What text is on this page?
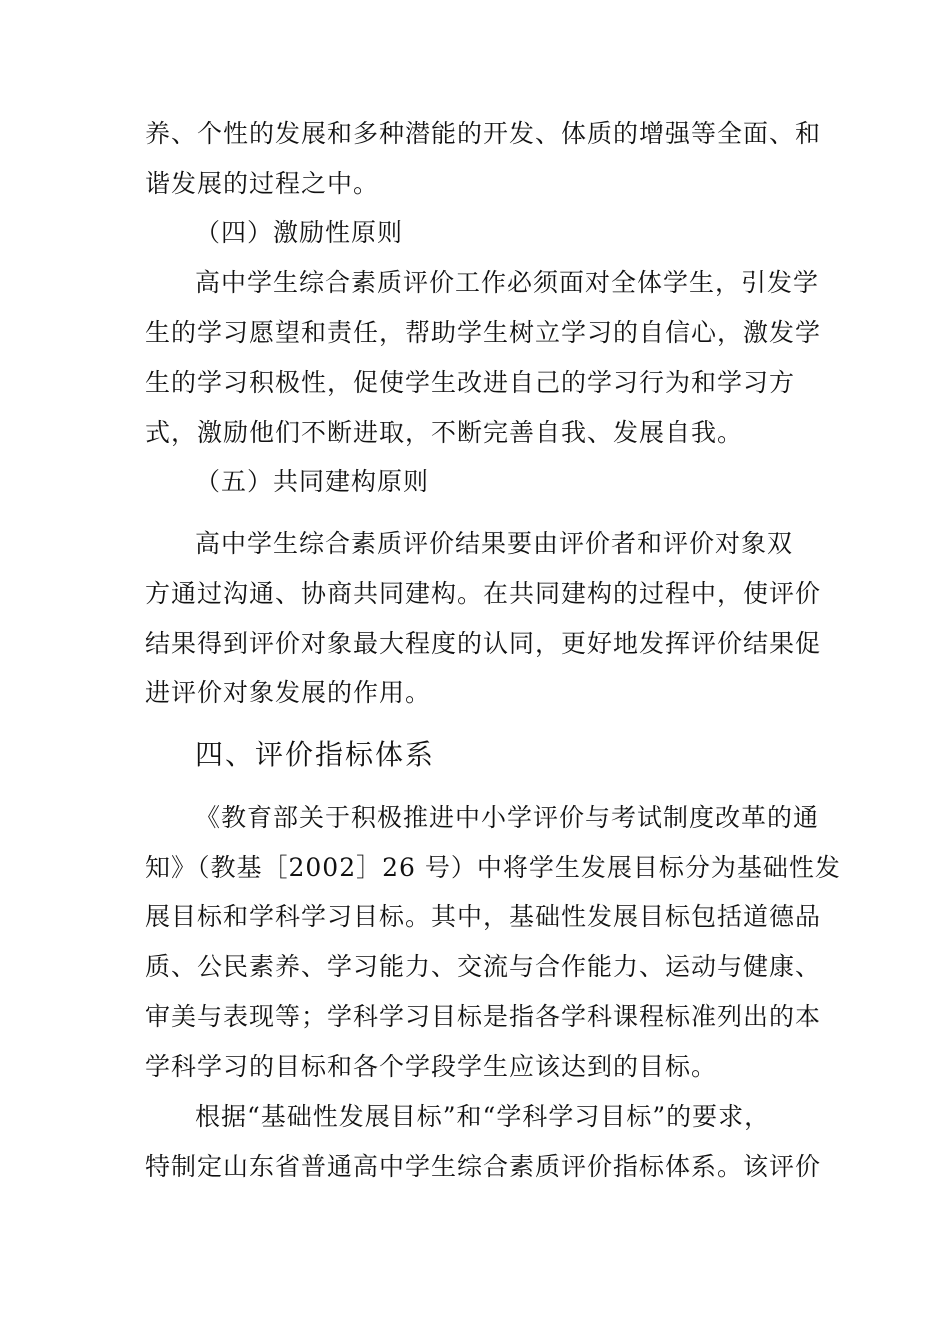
养、个性的发展和多种潜能的开发、体质的增强等全面、和
谐发展的过程之中。
（四）激励性原则
高中学生综合素质评价工作必须面对全体学生，引发学
生的学习愿望和责任，帮助学生树立学习的自信心，激发学
生的学习积极性，促使学生改进自己的学习行为和学习方
式，激励他们不断进取，不断完善自我、发展自我。
（五）共同建构原则
高中学生综合素质评价结果要由评价者和评价对象双
方通过沟通、协商共同建构。在共同建构的过程中，使评价
结果得到评价对象最大程度的认同，更好地发挥评价结果促
进评价对象发展的作用。
四、评价指标体系
《教育部关于积极推进中小学评价与考试制度改革的通
知》（教基［2002］26 号）中将学生发展目标分为基础性发
展目标和学科学习目标。其中，基础性发展目标包括道德品
质、公民素养、学习能力、交流与合作能力、运动与健康、
审美与表现等；学科学习目标是指各学科课程标准列出的本
学科学习的目标和各个学段学生应该达到的目标。
根据“基础性发展目标”和“学科学习目标”的要求，
特制定山东省普通高中学生综合素质评价指标体系。该评价
